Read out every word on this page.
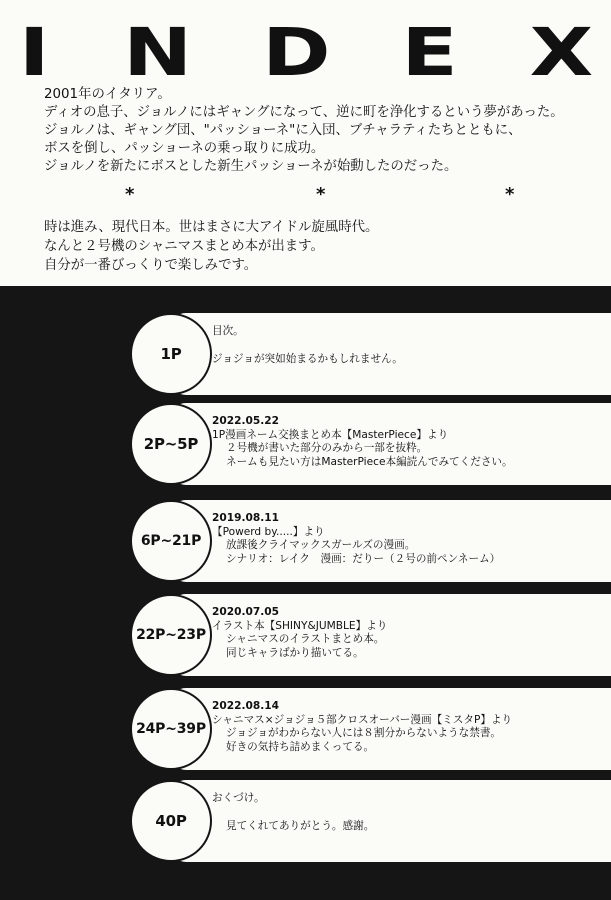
I N D E X

2001年のイタリア。

ディオの息子、ジョルノにはギャングになって、逆に町を浄化するという夢があった。

ジョルノは、ギャング団、"パッショーネ"に入団、ブチャラティたちとともに、

ボスを倒し、パッショーネの乗っ取りに成功。

ジョルノを新たにボスとした新生パッショーネが始動したのだった。

*	*	*

時は進み、現代日本。世はまさに大アイドル旋風時代。

なんと２号機のシャニマスまとめ本が出ます。

自分が一番びっくりで楽しみです。

1P

目次。

ジョジョが突如始まるかもしれません。

2P~5P

2022.05.22

1P漫画ネーム交換まとめ本【MasterPiece】より

２号機が書いた部分のみから一部を抜粋。

ネームも見たい方はMasterPiece本編読んでみてください。

6P~21P

2019.08.11

【Powerd by.....】より

放課後クライマックスガールズの漫画。

シナリオ：レイク　漫画：だりー（２号の前ペンネーム）

22P~23P

2020.07.05

イラスト本【SHINY&JUMBLE】より

シャニマスのイラストまとめ本。

同じキャラばかり描いてる。

24P~39P

2022.08.14

シャニマス×ジョジョ５部クロスオーバー漫画【ミスタP】より

ジョジョがわからない人には８割分からないような禁書。

好きの気持ち詰めまくってる。

40P

おくづけ。

見てくれてありがとう。感謝。
